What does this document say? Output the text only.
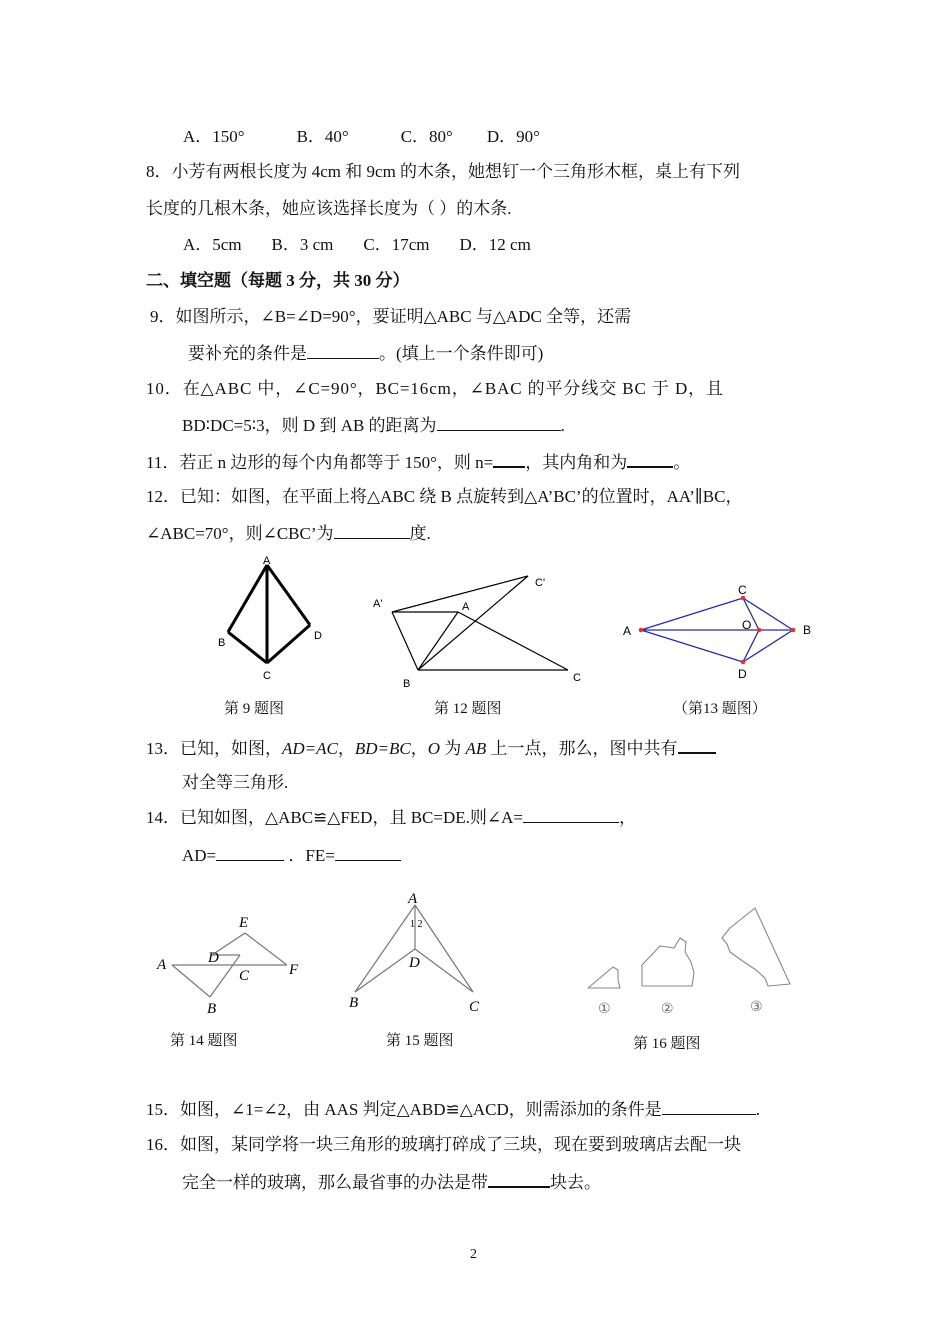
A．150°	B．40°	C．80° D．90°
8．小芳有两根长度为 4cm 和 9cm 的木条，她想钉一个三角形木框，桌上有下列
长度的几根木条，她应该选择长度为（ ）的木条.
A．5cm B．3 cm C．17cm D．12 cm
二、填空题（每题 3 分，共 30 分）
9．如图所示，∠B=∠D=90°，要证明△ABC 与△ADC 全等，还需
要补充的条件是	。(填上一个条件即可)
10．在△ABC 中，∠C=90°，BC=16cm，∠BAC 的平分线交 BC 于 D，且
BD∶DC=5∶3，则 D 到 AB 的距离为	.
11．若正 n 边形的每个内角都等于 150°，则 n= ，其内角和为	。
12．已知：如图，在平面上将△ABC 绕 B 点旋转到△A’BC’的位置时，AA’∥BC，
∠ABC=70°，则∠CBC’为	度.
A
B
C
D
第 9 题图
A'	A
C'
B	C
第 12 题图
A	B
C
D
O
（第13 题图）
13．已知，如图，AD=AC，BD=BC，O 为 AB 上一点，那么，图中共有
对全等三角形.
14．已知如图，△ABC≌△FED，且 BC=DE.则∠A=	，
AD=	．FE=
A
B
C
D
E
F
第 14 题图
A
1 2
D
B	C
第 15 题图
①	②	③
第 16 题图
15．如图，∠1=∠2，由 AAS 判定△ABD≌△ACD，则需添加的条件是	.
16．如图，某同学将一块三角形的玻璃打碎成了三块，现在要到玻璃店去配一块
完全一样的玻璃，那么最省事的办法是带	块去。
2
